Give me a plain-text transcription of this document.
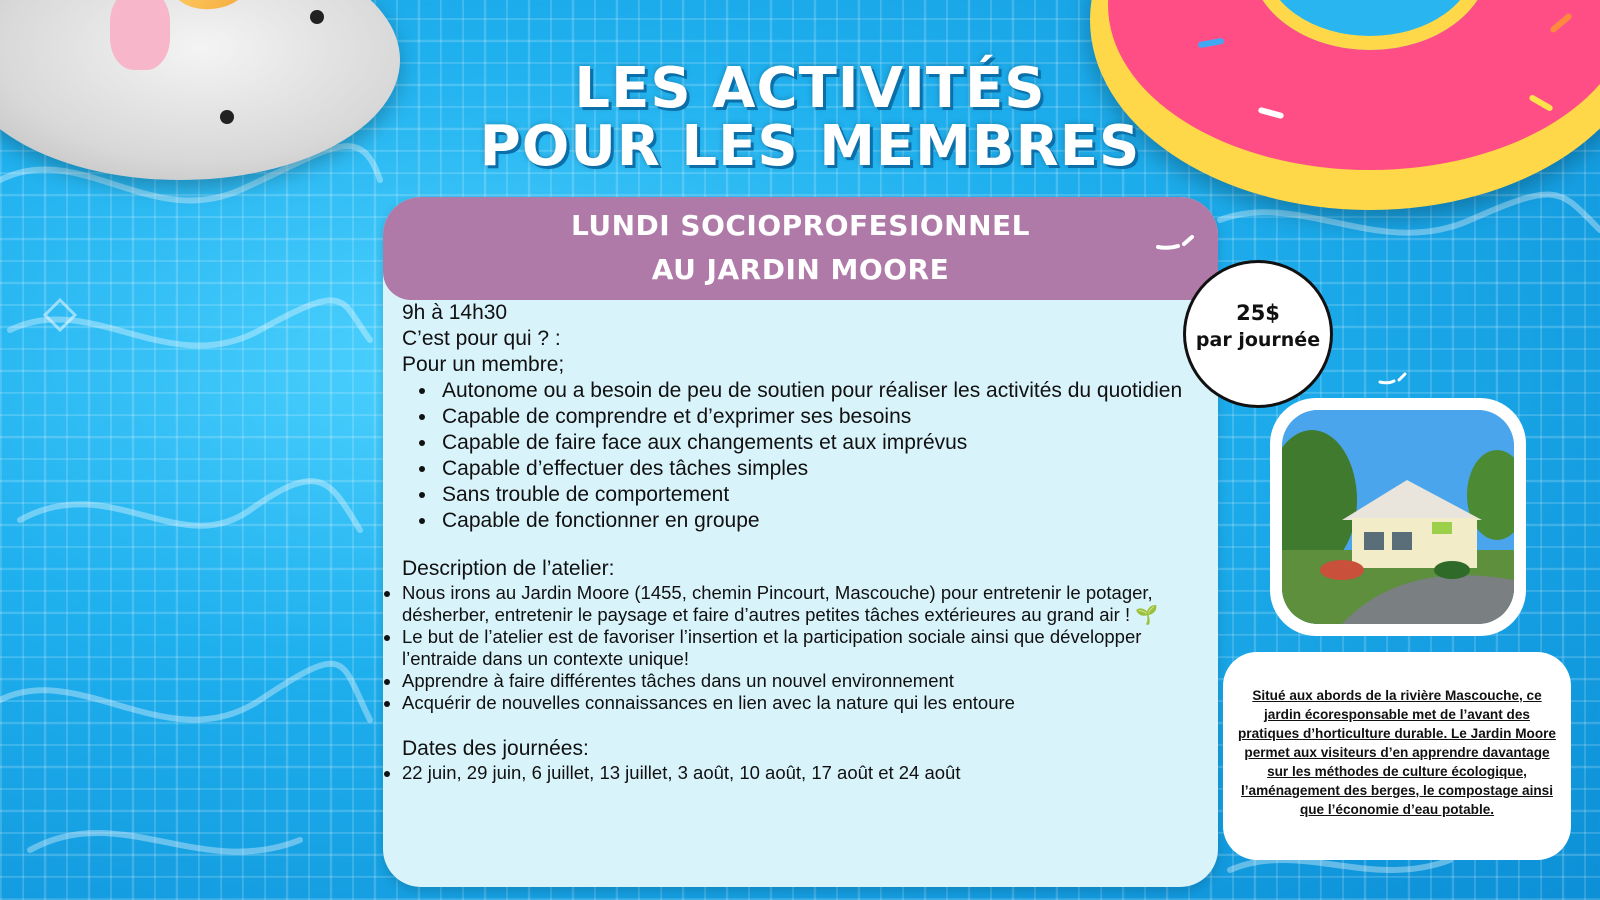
LES ACTIVITÉS
POUR LES MEMBRES
LUNDI SOCIOPROFESIONNEL
AU JARDIN MOORE
9h à 14h30
C’est pour qui ? :
Pour un membre;
• Autonome ou a besoin de peu de soutien pour réaliser les activités du quotidien
• Capable de comprendre et d’exprimer ses besoins
• Capable de faire face aux changements et aux imprévus
• Capable d’effectuer des tâches simples
• Sans trouble de comportement
• Capable de fonctionner en groupe
Description de l’atelier:
• Nous irons au Jardin Moore (1455, chemin Pincourt, Mascouche) pour entretenir le potager, désherber, entretenir le paysage et faire d’autres petites tâches extérieures au grand air ! 🌱
• Le but de l’atelier est de favoriser l’insertion et la participation sociale ainsi que développer l’entraide dans un contexte unique!
• Apprendre à faire différentes tâches dans un nouvel environnement
• Acquérir de nouvelles connaissances en lien avec la nature qui les entoure
Dates des journées:
• 22 juin, 29 juin, 6 juillet, 13 juillet, 3 août, 10 août, 17 août et 24 août
25$
par journée
Situé aux abords de la rivière Mascouche, ce jardin écoresponsable met de l’avant des pratiques d’horticulture durable. Le Jardin Moore permet aux visiteurs d’en apprendre davantage sur les méthodes de culture écologique, l’aménagement des berges, le compostage ainsi que l’économie d’eau potable.
